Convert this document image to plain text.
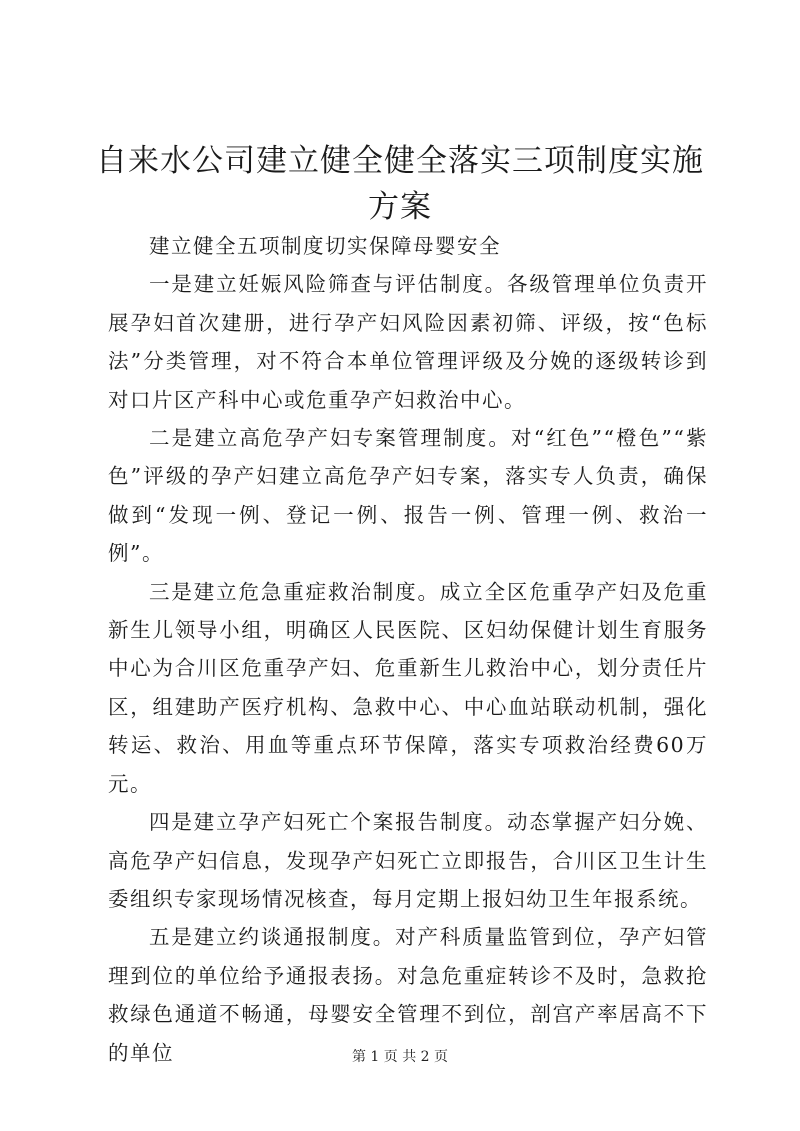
自来水公司建立健全健全落实三项制度实施方案

建立健全五项制度切实保障母婴安全

一是建立妊娠风险筛查与评估制度。各级管理单位负责开展孕妇首次建册，进行孕产妇风险因素初筛、评级，按“色标法”分类管理，对不符合本单位管理评级及分娩的逐级转诊到对口片区产科中心或危重孕产妇救治中心。

二是建立高危孕产妇专案管理制度。对“红色”“橙色”“紫色”评级的孕产妇建立高危孕产妇专案，落实专人负责，确保做到“发现一例、登记一例、报告一例、管理一例、救治一例”。

三是建立危急重症救治制度。成立全区危重孕产妇及危重新生儿领导小组，明确区人民医院、区妇幼保健计划生育服务中心为合川区危重孕产妇、危重新生儿救治中心，划分责任片区，组建助产医疗机构、急救中心、中心血站联动机制，强化转运、救治、用血等重点环节保障，落实专项救治经费60万元。

四是建立孕产妇死亡个案报告制度。动态掌握产妇分娩、高危孕产妇信息，发现孕产妇死亡立即报告，合川区卫生计生委组织专家现场情况核查，每月定期上报妇幼卫生年报系统。

五是建立约谈通报制度。对产科质量监管到位，孕产妇管理到位的单位给予通报表扬。对急危重症转诊不及时，急救抢救绿色通道不畅通，母婴安全管理不到位，剖宫产率居高不下的单位	第 1 页 共 2 页
